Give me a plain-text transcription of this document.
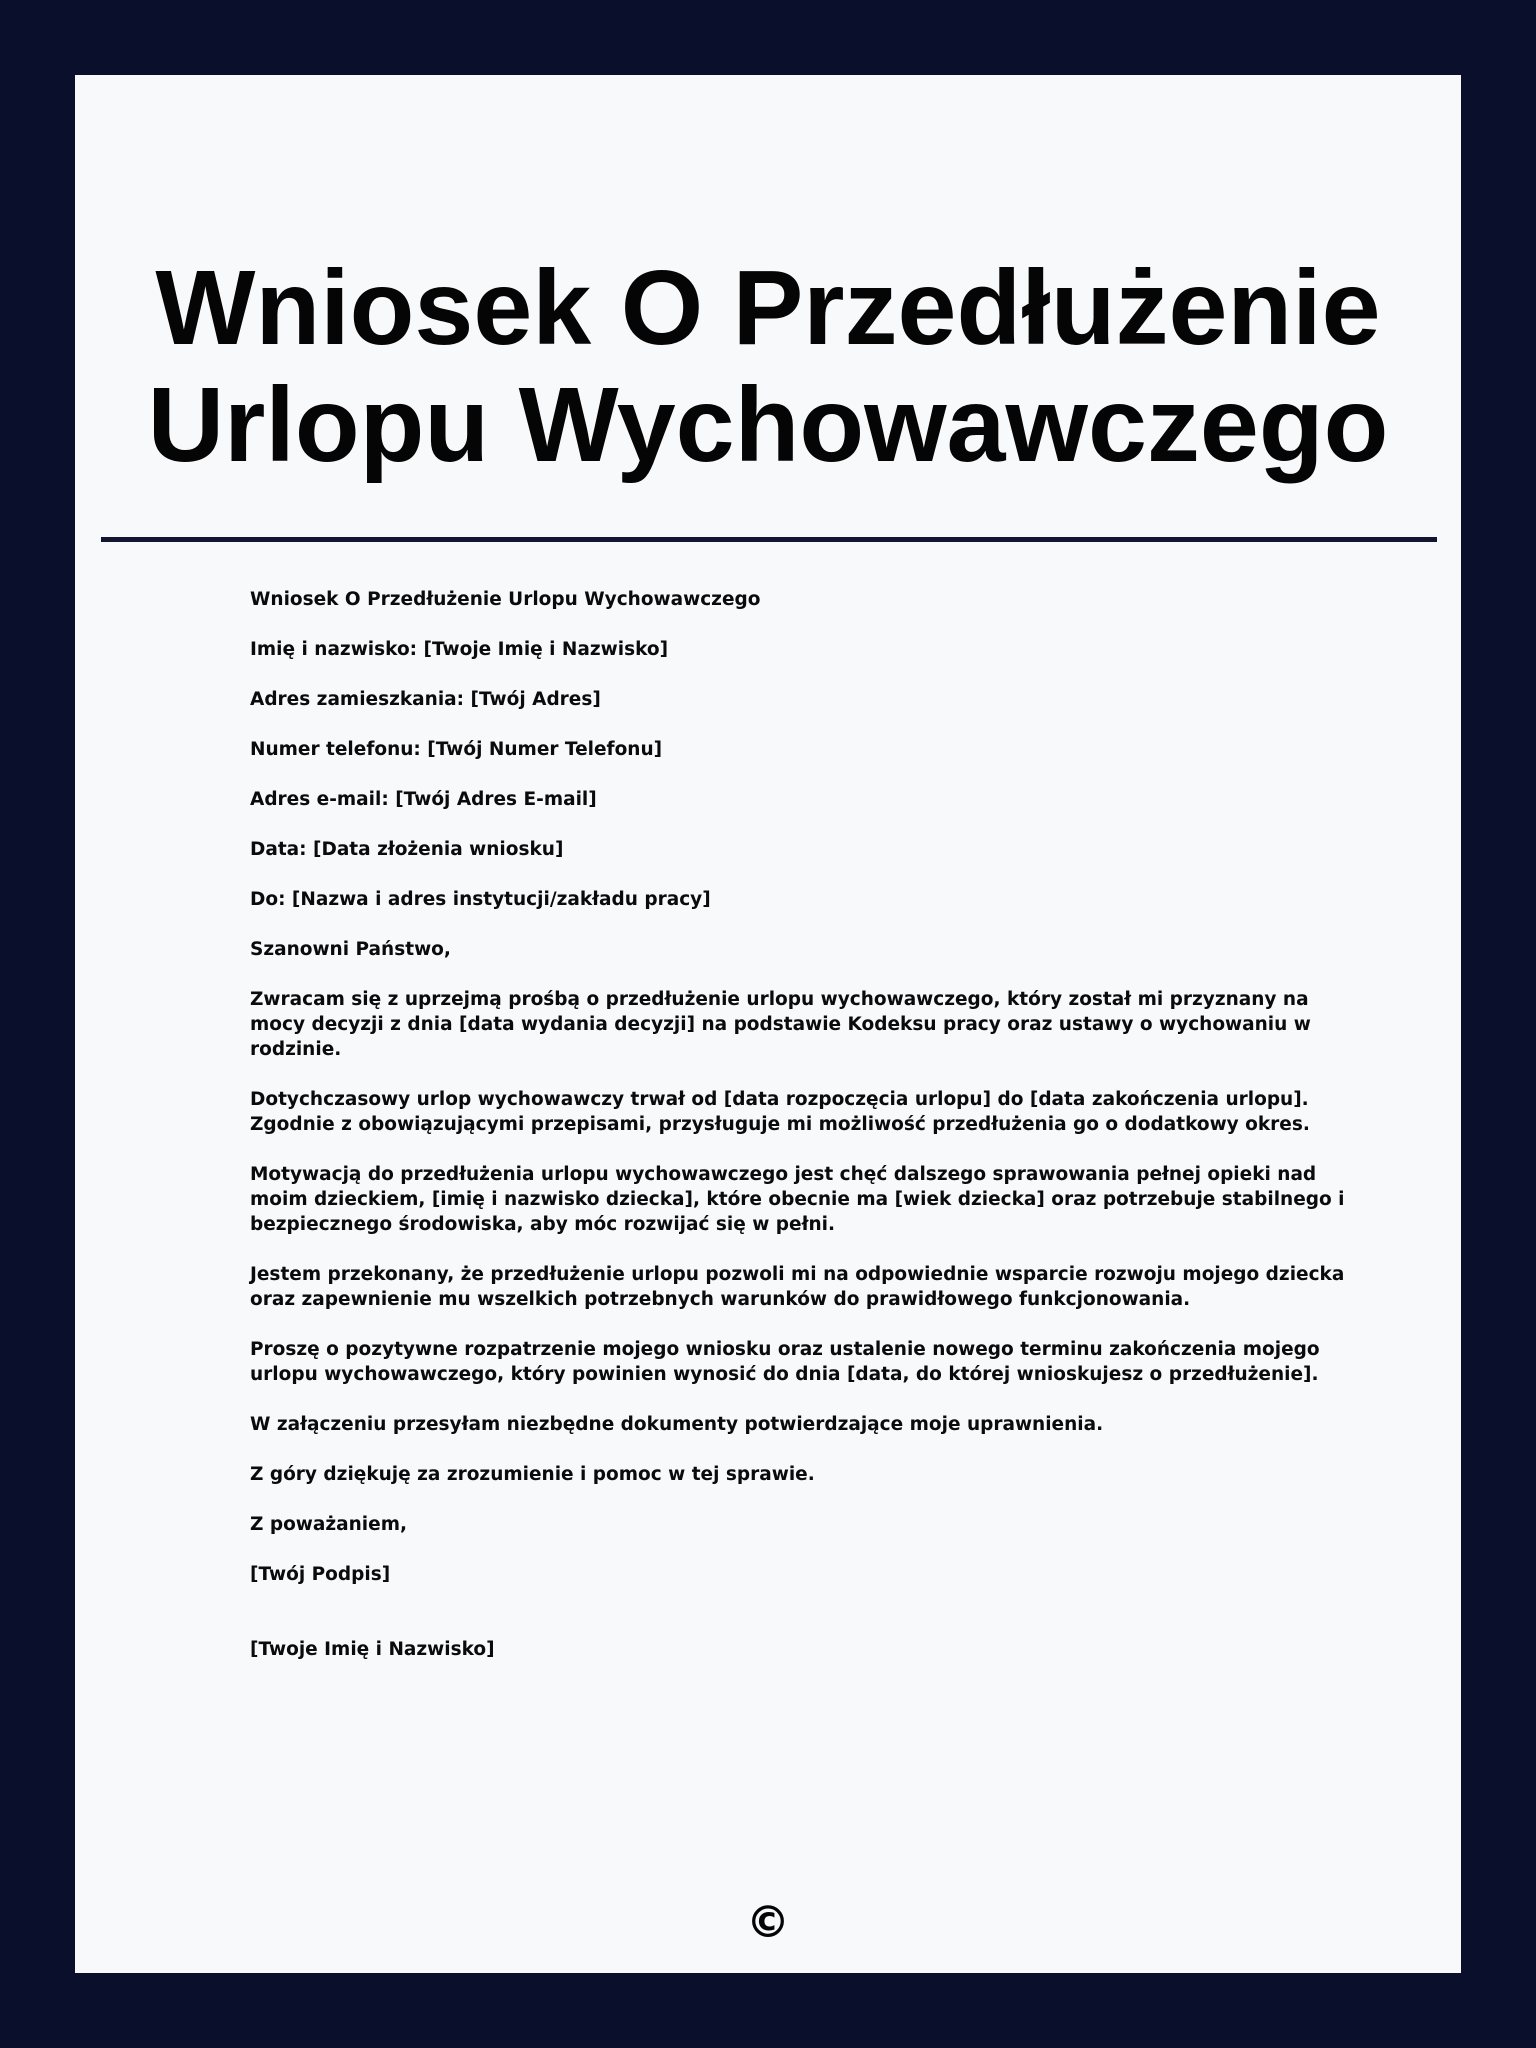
Wniosek O Przedłużenie
Urlopu Wychowawczego

Wniosek O Przedłużenie Urlopu Wychowawczego

Imię i nazwisko: [Twoje Imię i Nazwisko]

Adres zamieszkania: [Twój Adres]

Numer telefonu: [Twój Numer Telefonu]

Adres e-mail: [Twój Adres E-mail]

Data: [Data złożenia wniosku]

Do: [Nazwa i adres instytucji/zakładu pracy]

Szanowni Państwo,

Zwracam się z uprzejmą prośbą o przedłużenie urlopu wychowawczego, który został mi przyznany na mocy decyzji z dnia [data wydania decyzji] na podstawie Kodeksu pracy oraz ustawy o wychowaniu w rodzinie.

Dotychczasowy urlop wychowawczy trwał od [data rozpoczęcia urlopu] do [data zakończenia urlopu]. Zgodnie z obowiązującymi przepisami, przysługuje mi możliwość przedłużenia go o dodatkowy okres.

Motywacją do przedłużenia urlopu wychowawczego jest chęć dalszego sprawowania pełnej opieki nad moim dzieckiem, [imię i nazwisko dziecka], które obecnie ma [wiek dziecka] oraz potrzebuje stabilnego i bezpiecznego środowiska, aby móc rozwijać się w pełni.

Jestem przekonany, że przedłużenie urlopu pozwoli mi na odpowiednie wsparcie rozwoju mojego dziecka oraz zapewnienie mu wszelkich potrzebnych warunków do prawidłowego funkcjonowania.

Proszę o pozytywne rozpatrzenie mojego wniosku oraz ustalenie nowego terminu zakończenia mojego urlopu wychowawczego, który powinien wynosić do dnia [data, do której wnioskujesz o przedłużenie].

W załączeniu przesyłam niezbędne dokumenty potwierdzające moje uprawnienia.

Z góry dziękuję za zrozumienie i pomoc w tej sprawie.

Z poważaniem,

[Twój Podpis]

[Twoje Imię i Nazwisko]

©
